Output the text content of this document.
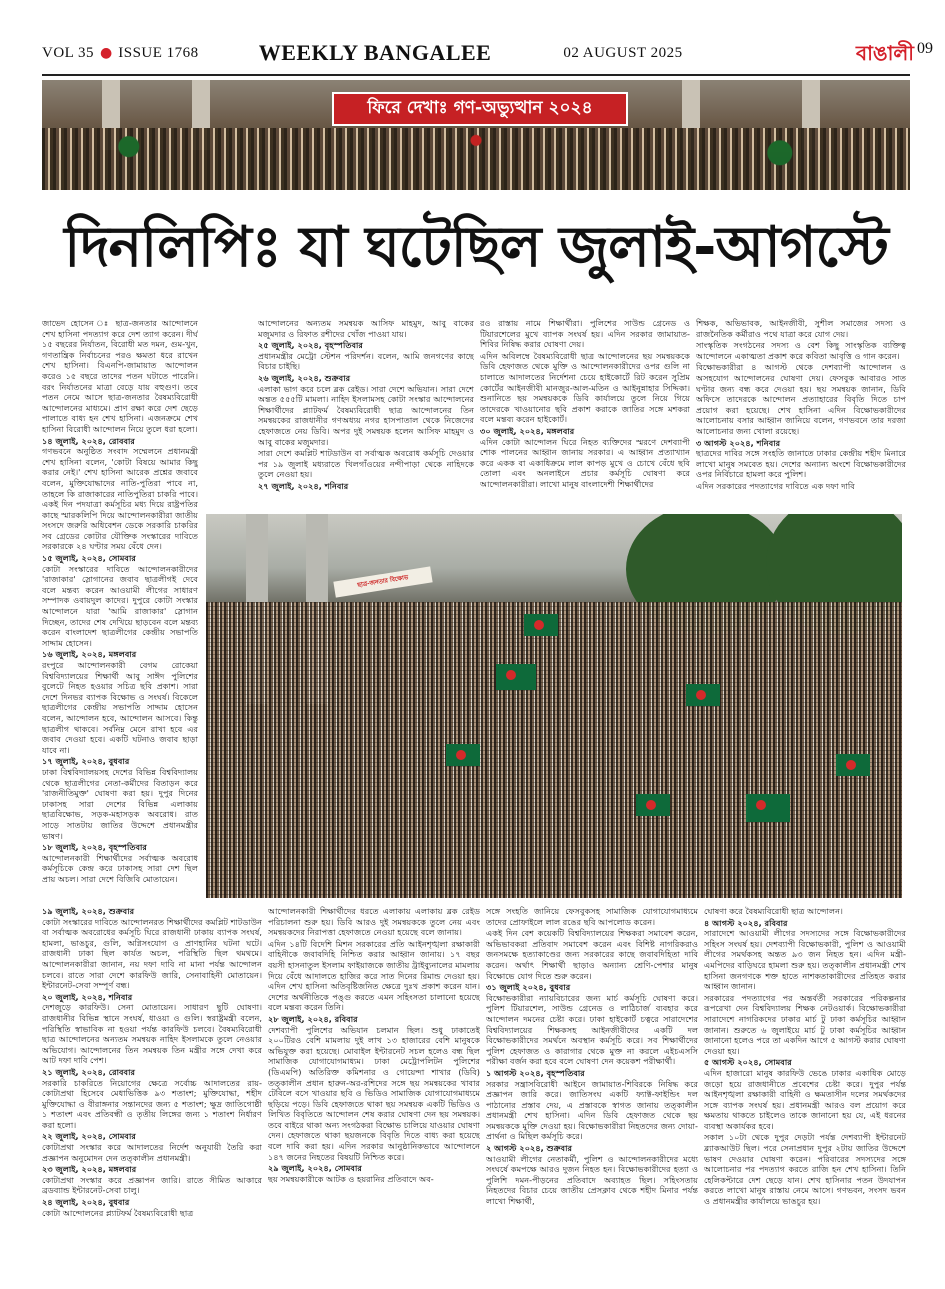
VOL 35 ● ISSUE 1768	WEEKLY BANGALEE	02 AUGUST 2025	বাঙালী 09
ফিরে দেখাঃ গণ-অভ্যুত্থান ২০২৪
দিনলিপিঃ যা ঘটেছিল জুলাই-আগস্টে

জাভেদ হোসেন ঃ ছাত্র-জনতার আন্দোলনে শেখ হাসিনা পদত্যাগ করে দেশ ত্যাগ করেন। দীর্ঘ ১৫ বছরের নির্যাতন, বিরোধী মত দমন, গুম-খুন, গণতান্ত্রিক নির্বাচনের পরও ক্ষমতা ধরে রাখেন শেখ হাসিনা। বিএনপি-জামায়াত আন্দোলন করেও ১৫ বছরে তাদের পতন ঘটাতে পারেনি। বরং নির্যাতনের মাত্রা বেড়ে যায় বহুগুণ। তবে পতন নেমে আসে ছাত্র-জনতার বৈষম্যবিরোধী আন্দোলনের মাধ্যমে। প্রাণ রক্ষা করে দেশ ছেড়ে পালাতে বাধ্য হন শেখ হাসিনা। এজনক্রমে শেখ হাসিনা বিরোধী আন্দোলন নিয়ে তুলে ধরা হলো।

১৪ জুলাই, ২০২৪, রোববার
গণভবনে অনুষ্ঠিত সংবাদ সম্মেলনে প্রধানমন্ত্রী শেখ হাসিনা বলেন, 'কোটা বিষয়ে আমার কিছু করার নেই।' শেখ হাসিনা আরেক প্রশ্নের জবাবে বলেন, মুক্তিযোদ্ধাদের নাতি-পুতিরা পাবে না, তাহলে কি রাজাকারের নাতিপুতিরা চাকরি পাবে। একই দিন পদযাত্রা কর্মসূচির মধ্য দিয়ে রাষ্ট্রপতির কাছে স্মারকলিপি দিয়ে আন্দোলনকারীরা জাতীয় সংসদে জরুরি অধিবেশন ডেকে সরকারি চাকরির সব গ্রেডের কোটার যৌক্তিক সংস্কারের দাবিতে সরকারকে ২৪ ঘণ্টার সময় বেঁধে দেন।

১৫ জুলাই, ২০২৪, সোমবার
কোটা সংস্কারের দাবিতে আন্দোলনকারীদের 'রাজাকার' স্লোগানের জবাব ছাত্রলীগই দেবে বলে মন্তব্য করেন আওয়ামী লীগের সাধারণ সম্পাদক ওবায়দুল কাদের। দুপুরে কোটা সংস্কার আন্দোলনে যারা 'আমি রাজাকার' স্লোগান দিচ্ছেন, তাদের শেষ দেখিয়ে ছাড়বেন বলে মন্তব্য করেন বাংলাদেশ ছাত্রলীগের কেন্দ্রীয় সভাপতি সাদ্দাম হোসেন।

১৬ জুলাই, ২০২৪, মঙ্গলবার
রংপুরে আন্দোলনকারী বেগম রোকেয়া বিশ্ববিদ্যালয়ের শিক্ষার্থী আবু সাঈদ পুলিশের বুলেটে নিহত হওয়ার সচিত্র ছবি প্রকাশ। সারা দেশে দিনভর ব্যাপক বিক্ষোভ ও সংঘর্ষ। বিকেলে ছাত্রলীগের কেন্দ্রীয় সভাপতি সাদ্দাম হোসেন বলেন, আন্দোলন হবে, আন্দোলন আসবে। কিন্তু ছাত্রলীগ থাকবে। সর্বনিম্ন মেনে রাখা হবে এর জবাব দেওয়া হবে। একটি ঘটনাও জবাব ছাড়া যাবে না।

১৭ জুলাই, ২০২৪, বুধবার
ঢাকা বিশ্ববিদ্যালয়সহ দেশের বিভিন্ন বিশ্ববিদ্যালয় থেকে ছাত্রলীগের নেতা-কর্মীদের বিতাড়ন করে 'রাজনীতিমুক্ত' ঘোষণা করা হয়। দুপুর দিনের ঢাকাসহ সারা দেশের বিভিন্ন এলাকায় ছাত্রবিক্ষোভ, সড়ক-মহাসড়ক অবরোধ। রাত সাড়ে সাতটায় জাতির উদ্দেশে প্রধানমন্ত্রীর ভাষণ।

১৮ জুলাই, ২০২৪, বৃহস্পতিবার
আন্দোলনকারী শিক্ষার্থীদের সর্বাত্মক অবরোধ কর্মসূচিকে কেন্দ্র করে ঢাকাসহ সারা দেশ ছিল প্রায় অচল। সারা দেশে বিজিবি মোতায়েন।

আন্দোলনের অন্যতম সমন্বয়ক আসিফ মাহমুদ, আবু বাকের মজুমদার ও রিফাত রশীদের খোঁজ পাওয়া যায়।

২৫ জুলাই, ২০২৪, বৃহস্পতিবার
প্রধানমন্ত্রীর মেট্রো স্টেশন পরিদর্শন। বলেন, আমি জনগণের কাছে বিচার চাইছি।

২৬ জুলাই, ২০২৪, শুক্রবার
এলাকা ভাগ করে চলে ব্লক রেইড। সারা দেশে অভিযান। সারা দেশে অন্তত ৫৫৫টি মামলা। নাহিদ ইসলামসহ কোটা সংস্কার আন্দোলনের শিক্ষার্থীদের প্ল্যাটফর্ম বৈষম্যবিরোধী ছাত্র আন্দোলনের তিন সমন্বয়কের রাজধানীর গণঅধ্যয় নগর হাসপাতাল থেকে নিজেদের হেফাজতে নেয় ডিবি। অপর দুই সমন্বয়ক হলেন আসিফ মাহমুদ ও আবু বাকের মজুমদার।

সারা দেশে কমপ্লিট শাটডাউন বা সর্বাত্মক অবরোধ কর্মসূচি দেওয়ার পর ১৯ জুলাই মধ্যরাতে খিলগাঁওয়ের নন্দীপাড়া থেকে নাহিদকে তুলে নেওয়া হয়।

২৭ জুলাই, ২০২৪, শনিবার

রও রাস্তায় নামে শিক্ষার্থীরা। পুলিশের সাউন্ড গ্রেনেড ও টিয়ারশেলের মুখে ব্যাপক সংঘর্ষ হয়। এদিন সরকার জামায়াত-শিবির নিষিদ্ধ করার ঘোষণা দেয়।

এদিন অবিলম্বে বৈষম্যবিরোধী ছাত্র আন্দোলনের ছয় সমন্বয়ককে ডিবি হেফাজত থেকে মুক্তি ও আন্দোলনকারীদের ওপর গুলি না চালাতে আদালতের নির্দেশনা চেয়ে হাইকোর্টে রিট করেন সুপ্রিম কোর্টের আইনজীবী মানজুর-আল-মতিন ও আইনুন্নাহার সিদ্দিকা। শুনানিতে ছয় সমন্বয়ককে ডিবি কার্যালয়ে তুলে নিয়ে গিয়ে তাদেরকে খাওয়ানোর ছবি প্রকাশ করাকে জাতির সঙ্গে মশকরা বলে মন্তব্য করেন হাইকোর্ট।

৩০ জুলাই, ২০২৪, মঙ্গলবার
এদিন কোটা আন্দোলন ঘিরে নিহত ব্যক্তিদের স্মরণে দেশব্যাপী শোক পালনের আহ্বান জানায় সরকার। এ আহ্বান প্রত্যাখ্যান করে একক বা একাধিক্রমে লাল কাপড় মুখে ও চোখে বেঁধে ছবি তোলা এবং অনলাইনে প্রচার কর্মসূচি ঘোষণা করে আন্দোলনকারীরা। লাখো মানুষ বাংলাদেশী শিক্ষার্থীদের

শিক্ষক, অভিভাবক, আইনজীবী, সুশীল সমাজের সদস্য ও রাজনৈতিক কর্মীরাও পথে যাত্রা করে যোগ দেয়।

সাংস্কৃতিক সংগঠনের সদস্য ও বেশ কিছু সাংস্কৃতিক ব্যক্তিত্ব আন্দোলনে একাত্মতা প্রকাশ করে কবিতা আবৃত্তি ও গান করেন।

বিক্ষোভকারীরা ৪ আগস্ট থেকে দেশব্যাপী আন্দোলন ও অসহযোগ আন্দোলনের ঘোষণা দেয়। ফেসবুক আবারও সাত ঘণ্টার জন্য বন্ধ করে দেওয়া হয়। ছয় সমন্বয়ক জানান, ডিবি অফিসে তাদেরকে আন্দোলন প্রত্যাহারের বিবৃতি দিতে চাপ প্রয়োগ করা হয়েছে। শেখ হাসিনা এদিন বিক্ষোভকারীদের আলোচনায় বসার আহ্বান জানিয়ে বলেন, গণভবনে তার দরজা আলোচনার জন্য খোলা রয়েছে।

৩ আগস্ট ২০২৪, শনিবার
ছাত্রদের দাবির সঙ্গে সংহতি জানাতে ঢাকার কেন্দ্রীয় শহীদ মিনারে লাখো মানুষ সমবেত হয়। দেশের অন্যান্য অংশে বিক্ষোভকারীদের ওপর নির্বিচারে হামলা করে পুলিশ।

এদিন সরকারের পদত্যাগের দাবিতে এক দফা দাবি

ছাত্র-জনতার বিক্ষোভ

১৯ জুলাই, ২০২৪, শুক্রবার
কোটা সংস্কারের দাবিতে আন্দোলনরত শিক্ষার্থীদের কমপ্লিট শাটডাউন বা সর্বাত্মক অবরোধের কর্মসূচি ঘিরে রাজধানী ঢাকায় ব্যাপক সংঘর্ষ, হামলা, ভাঙচুর, গুলি, অগ্নিসংযোগ ও প্রাণহানির ঘটনা ঘটে। রাজধানী ঢাকা ছিল কার্যত অচল, পরিস্থিতি ছিল থমথমে। আন্দোলনকারীরা জানান, নয় দফা দাবি না মানা পর্যন্ত আন্দোলন চলবে। রাতে সারা দেশে কারফিউ জারি, সেনাবাহিনী মোতায়েন। ইন্টারনেট-সেবা সম্পূর্ণ বন্ধ।

২০ জুলাই, ২০২৪, শনিবার
দেশজুড়ে কারফিউ। সেনা মোতায়েন। সাধারণ ছুটি ঘোষণা। রাজধানীর বিভিন্ন স্থানে সংঘর্ষ, ধাওয়া ও গুলি। স্বরাষ্ট্রমন্ত্রী বলেন, পরিস্থিতি স্বাভাবিক না হওয়া পর্যন্ত কারফিউ চলবে। বৈষম্যবিরোধী ছাত্র আন্দোলনের অন্যতম সমন্বয়ক নাহিদ ইসলামকে তুলে নেওয়ার অভিযোগ। আন্দোলনের তিন সমন্বয়ক তিন মন্ত্রীর সঙ্গে দেখা করে আট দফা দাবি পেশ।

২১ জুলাই, ২০২৪, রোববার
সরকারি চাকরিতে নিয়োগের ক্ষেত্রে সর্বোচ্চ আদালতের রায়-কোটাপ্রথা হিসেবে মেধাভিত্তিক ৯৩ শতাংশ; মুক্তিযোদ্ধা, শহীদ মুক্তিযোদ্ধা ও বীরাঙ্গনার সন্তানদের জন্য ৫ শতাংশ; ক্ষুদ্র জাতিগোষ্ঠী ১ শতাংশ এবং প্রতিবন্ধী ও তৃতীয় লিঙ্গের জন্য ১ শতাংশ নির্ধারণ করা হলো।

২২ জুলাই, ২০২৪, সোমবার
কোটাপ্রথা সংস্কার করে আদালতের নির্দেশ অনুযায়ী তৈরি করা প্রজ্ঞাপন অনুমোদন দেন তত্কালীন প্রধানমন্ত্রী।

২৩ জুলাই, ২০২৪, মঙ্গলবার
কোটাপ্রথা সংস্কার করে প্রজ্ঞাপন জারি। রাতে সীমিত আকারে ব্রডব্যান্ড ইন্টারনেট-সেবা চালু।

২৪ জুলাই, ২০২৪, বুধবার
কোটা আন্দোলনের প্ল্যাটফর্ম বৈষম্যবিরোধী ছাত্র

আন্দোলনকারী শিক্ষার্থীদের ধরতে এলাকায় এলাকায় ব্লক রেইড পরিচালনা শুরু হয়। ডিবি আরও দুই সমন্বয়ককে তুলে নেয় এবং সমন্বয়কদের নিরাপত্তা হেফাজতে নেওয়া হয়েছে বলে জানায়।

এদিন ১৪টি বিদেশি মিশন সরকারের প্রতি আইনশৃঙ্খলা রক্ষাকারী বাহিনীকে জবাবদিহি নিশ্চিত করার আহ্বান জানায়। ১৭ বছর বয়সী হাসনাতুল ইসলাম ফাইয়াজকে জাতীয় ট্রাইব্যুনালের মামলায় দিয়ে বেঁধে আদালতে হাজির করে সাত দিনের রিমান্ড দেওয়া হয়। এদিন শেখ হাসিনা অতিবৃষ্টিজনিত ক্ষেত্রে দুঃখ প্রকাশ করেন যান। দেশের অর্থনীতিকে পঙ্গু করতে এমন সহিংসতা চালানো হয়েছে বলে মন্তব্য করেন তিনি।

২৮ জুলাই, ২০২৪, রবিবার
দেশব্যাপী পুলিশের অভিযান চলমান ছিল। শুধু ঢাকাতেই ২০০টিরও বেশি মামলায় দুই লাখ ১৩ হাজারের বেশি মানুষকে অভিযুক্ত করা হয়েছে। মোবাইল ইন্টারনেট সচল হলেও বন্ধ ছিল সামাজিক যোগাযোগমাধ্যম। ঢাকা মেট্রোপলিটন পুলিশের (ডিএমপি) অতিরিক্ত কমিশনার ও গোয়েন্দা শাখার (ডিবি) তত্কালীন প্রধান হারুন-অর-রশিদের সঙ্গে ছয় সমন্বয়কের খাবার টেবিলে বসে খাওয়ার ছবি ও ভিডিও সামাজিক যোগাযোগমাধ্যমে ছড়িয়ে পড়ে। ডিবি হেফাজতে থাকা ছয় সমন্বয়ক একটি ভিডিও ও লিখিত বিবৃতিতে আন্দোলন শেষ করার ঘোষণা দেন ছয় সমন্বয়ক। তবে বাইরে থাকা অন্য সংগঠকরা বিক্ষোভ চালিয়ে যাওয়ার ঘোষণা দেন। হেফাজতে থাকা ছয়জনকে বিবৃতি দিতে বাধ্য করা হয়েছে বলে দাবি করা হয়। এদিন সরকার আনুষ্ঠানিকভাবে আন্দোলনে ১৪৭ জনের নিহতের বিষয়টি নিশ্চিত করে।

২৯ জুলাই, ২০২৪, সোমবার
ছয় সমন্বয়কারীকে আটক ও হয়রানির প্রতিবাদে অব-

সঙ্গে সংহতি জানিয়ে ফেসবুকসহ সামাজিক যোগাযোগমাধ্যমে তাদের প্রোফাইলে লাল রঙের ছবি আপলোড করেন।

একই দিন বেশ কয়েকটি বিশ্ববিদ্যালয়ের শিক্ষকরা সমাবেশ করেন, অভিভাবকরা প্রতিবাদ সমাবেশ করেন এবং বিশিষ্ট নাগরিকরাও জনসমক্ষে হত্যাকাণ্ডের জন্য সরকারের কাছে জবাবদিহিতা দাবি করেন। অর্থাৎ শিক্ষার্থী ছাড়াও অন্যান্য শ্রেণি-পেশার মানুষ বিক্ষোভে যোগ দিতে শুরু করেন।

৩১ জুলাই ২০২৪, বুধবার
বিক্ষোভকারীরা ন্যায়বিচারের জন্য মার্চ কর্মসূচি ঘোষণা করে। পুলিশ টিয়ারশেল, সাউন্ড গ্রেনেড ও লাঠিচার্জ ব্যবহার করে আন্দোলন দমনের চেষ্টা করে। ঢাকা হাইকোর্ট চত্বরে সারাদেশের বিশ্ববিদ্যালয়ের শিক্ষকসহ আইনজীবীদের একটি দল বিক্ষোভকারীদের সমর্থনে অবস্থান কর্মসূচি করে। সব শিক্ষার্থীদের পুলিশ হেফাজত ও কারাগার থেকে মুক্ত না করলে এইচএসসি পরীক্ষা বর্জন করা হবে বলে ঘোষণা দেন কয়েকশ পরীক্ষার্থী।

১ আগস্ট ২০২৪, বৃহস্পতিবার
সরকার সন্ত্রাসবিরোধী আইনে জামায়াত-শিবিরকে নিষিদ্ধ করে প্রজ্ঞাপন জারি করে। জাতিসংঘ একটি ফ্যাক্ট-ফাইন্ডিং দল পাঠানোর প্রস্তাব দেয়, এ প্রস্তাবকে স্বাগত জানায় তত্কালীন প্রধানমন্ত্রী শেখ হাসিনা। এদিন ডিবি হেফাজত থেকে ছয় সমন্বয়ককে মুক্তি দেওয়া হয়। বিক্ষোভকারীরা নিহতদের জন্য দোয়া-প্রার্থনা ও মিছিল কর্মসূচি করে।

২ আগস্ট ২০২৪, শুক্রবার
আওয়ামী লীগের নেতাকর্মী, পুলিশ ও আন্দোলনকারীদের মধ্যে সংঘর্ষে কমপক্ষে আরও দুজন নিহত হন। বিক্ষোভকারীদের হত্যা ও পুলিশি দমন-পীড়নের প্রতিবাদে অব্যাহত ছিল। সহিংসতায় নিহতদের বিচার চেয়ে জাতীয় প্রেসক্লাব থেকে শহীদ মিনার পর্যন্ত লাখো শিক্ষার্থী,

ঘোষণা করে বৈষম্যবিরোধী ছাত্র আন্দোলন।

৪ আগস্ট ২০২৪, রবিবার
সারাদেশে আওয়ামী লীগের সদস্যদের সঙ্গে বিক্ষোভকারীদের সহিংস সংঘর্ষ হয়। দেশব্যাপী বিক্ষোভকারী, পুলিশ ও আওয়ামী লীগের সমর্থকসহ অন্তত ৯৩ জন নিহত হন। এদিন মন্ত্রী-এমপিদের বাড়িঘরে হামলা শুরু হয়। তত্কালীন প্রধানমন্ত্রী শেখ হাসিনা জনগণকে শক্ত হাতে নাশকতাকারীদের প্রতিহত করার আহ্বান জানান।

সরকারের পদত্যাগের পর অন্তর্বর্তী সরকারের পরিকল্পনার রূপরেখা দেন বিশ্ববিদ্যালয় শিক্ষক নেটওয়ার্ক। বিক্ষোভকারীরা সারাদেশে নাগরিকদের ঢাকার মার্চ টু ঢাকা কর্মসূচির আহ্বান জানান। শুরুতে ৬ জুলাইয়ে মার্চ টু ঢাকা কর্মসূচির আহ্বান জানানো হলেও পরে তা একদিন আগে ৫ আগস্ট করার ঘোষণা দেওয়া হয়।

৫ আগস্ট ২০২৪, সোমবার
এদিন হাজারো মানুষ কারফিউ ভেঙে ঢাকার একাধিক মোড়ে জড়ো হয়ে রাজধানীতে প্রবেশের চেষ্টা করে। দুপুর পর্যন্ত আইনশৃঙ্খলা রক্ষাকারী বাহিনী ও ক্ষমতাসীন দলের সমর্থকদের সঙ্গে ব্যাপক সংঘর্ষ হয়। প্রধানমন্ত্রী আরও বল প্রয়োগ করে ক্ষমতায় থাকতে চাইলেও তাকে জানানো হয় যে, এই ধরনের ব্যবস্থা অকার্যকর হবে।

সকাল ১০টা থেকে দুপুর দেড়টা পর্যন্ত দেশব্যাপী ইন্টারনেট ব্ল্যাকআউট ছিল। পরে সেনাপ্রধান দুপুর ২টায় জাতির উদ্দেশে ভাষণ দেওয়ার ঘোষণা করেন। পরিবারের সদস্যদের সঙ্গে আলোচনার পর পদত্যাগ করতে রাজি হন শেখ হাসিনা। তিনি হেলিকপ্টারে দেশ ছেড়ে যান। শেখ হাসিনার পতন উদযাপন করতে লাখো মানুষ রাস্তায় নেমে আসে। গণভবন, সংসদ ভবন ও প্রধানমন্ত্রীর কার্যালয়ে ভাঙচুর হয়।
